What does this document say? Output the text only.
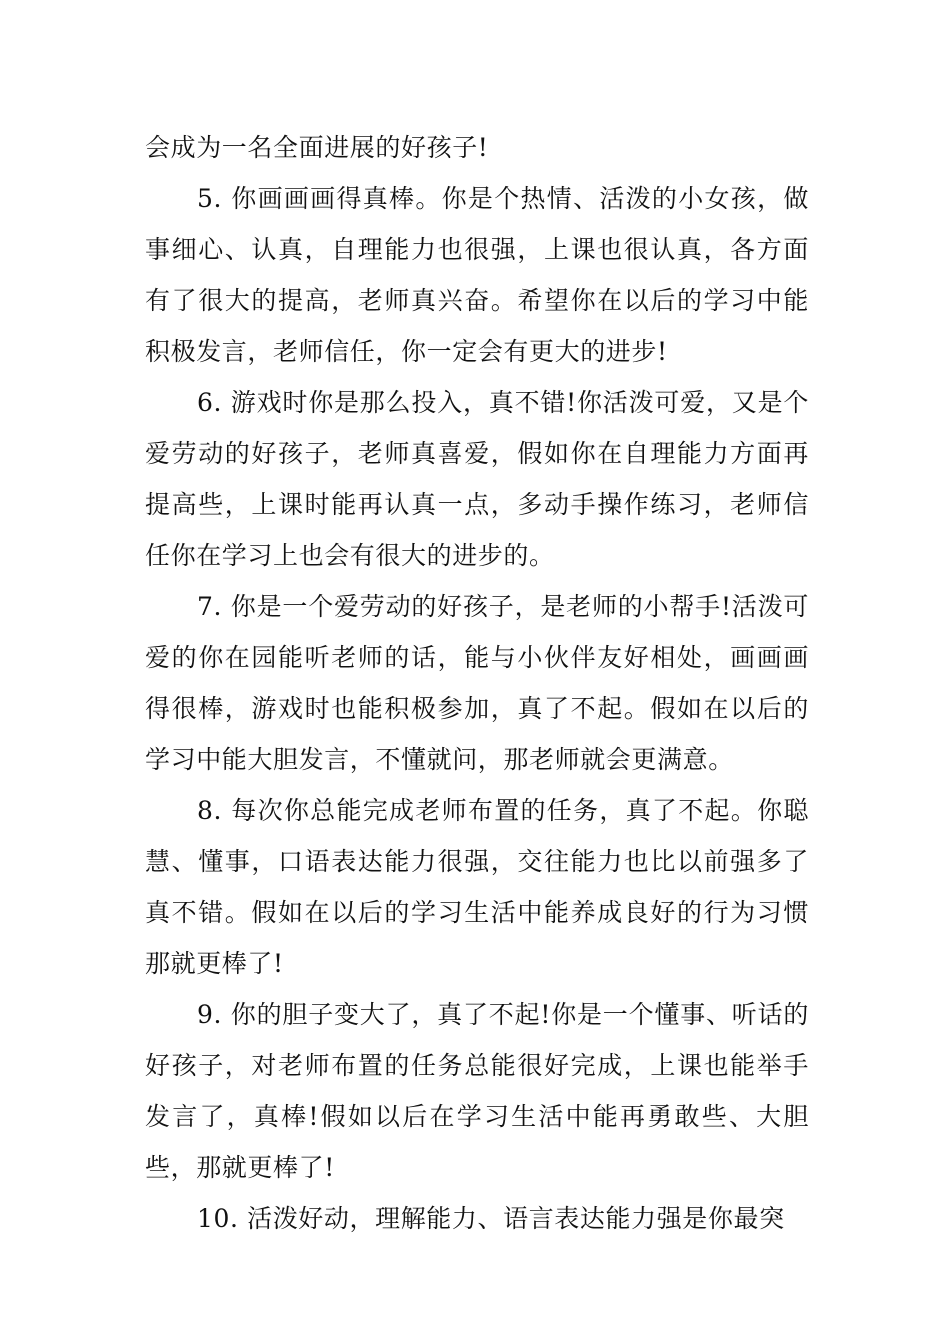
会成为一名全面进展的好孩子!

5. 你画画画得真棒。你是个热情、活泼的小女孩，做事细心、认真，自理能力也很强，上课也很认真，各方面有了很大的提高，老师真兴奋。希望你在以后的学习中能积极发言，老师信任，你一定会有更大的进步!

6. 游戏时你是那么投入，真不错!你活泼可爱，又是个爱劳动的好孩子，老师真喜爱，假如你在自理能力方面再提高些，上课时能再认真一点，多动手操作练习，老师信任你在学习上也会有很大的进步的。

7. 你是一个爱劳动的好孩子，是老师的小帮手!活泼可爱的你在园能听老师的话，能与小伙伴友好相处，画画画得很棒，游戏时也能积极参加，真了不起。假如在以后的学习中能大胆发言，不懂就问，那老师就会更满意。

8. 每次你总能完成老师布置的任务，真了不起。你聪慧、懂事，口语表达能力很强，交往能力也比以前强多了真不错。假如在以后的学习生活中能养成良好的行为习惯那就更棒了!

9. 你的胆子变大了，真了不起!你是一个懂事、听话的好孩子，对老师布置的任务总能很好完成，上课也能举手发言了，真棒!假如以后在学习生活中能再勇敢些、大胆些，那就更棒了!

10. 活泼好动，理解能力、语言表达能力强是你最突
